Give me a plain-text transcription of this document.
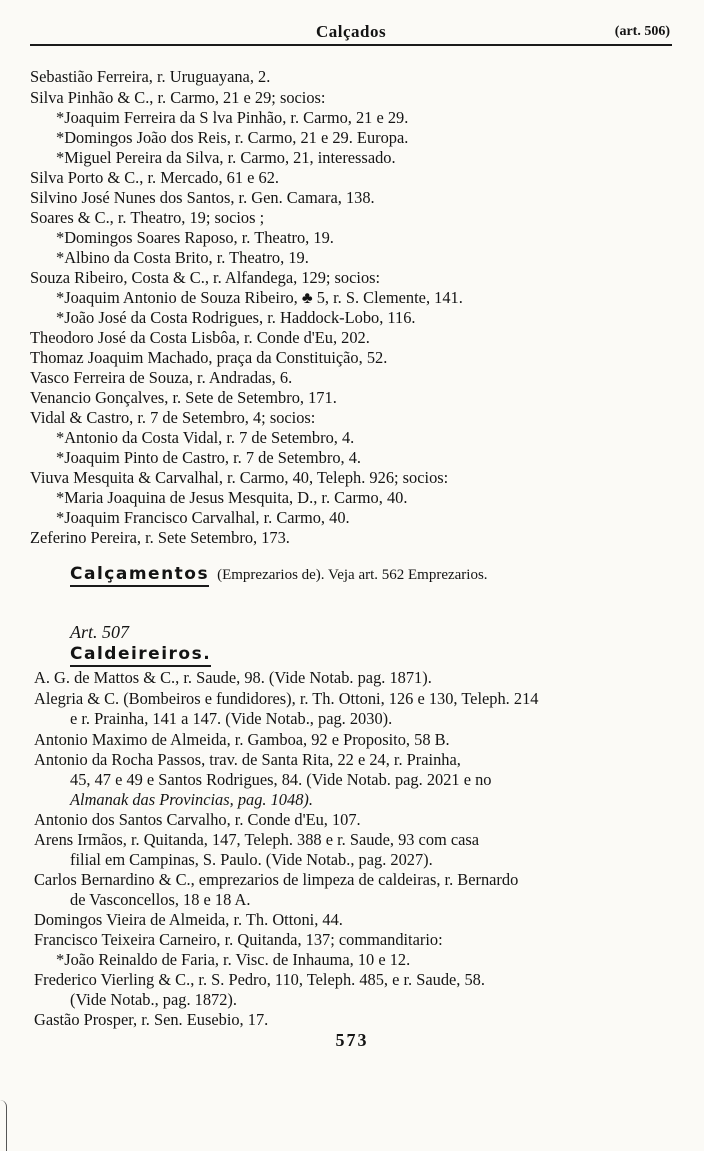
Calçados	(art. 506)
Sebastião Ferreira, r. Uruguayana, 2.
Silva Pinhão & C., r. Carmo, 21 e 29; socios:
*Joaquim Ferreira da S lva Pinhão, r. Carmo, 21 e 29.
*Domingos João dos Reis, r. Carmo, 21 e 29. Europa.
*Miguel Pereira da Silva, r. Carmo, 21, interessado.
Silva Porto & C., r. Mercado, 61 e 62.
Silvino José Nunes dos Santos, r. Gen. Camara, 138.
Soares & C., r. Theatro, 19; socios ;
*Domingos Soares Raposo, r. Theatro, 19.
*Albino da Costa Brito, r. Theatro, 19.
Souza Ribeiro, Costa & C., r. Alfandega, 129; socios:
*Joaquim Antonio de Souza Ribeiro, ♣ 5, r. S. Clemente, 141.
*João José da Costa Rodrigues, r. Haddock-Lobo, 116.
Theodoro José da Costa Lisbôa, r. Conde d'Eu, 202.
Thomaz Joaquim Machado, praça da Constituição, 52.
Vasco Ferreira de Souza, r. Andradas, 6.
Venancio Gonçalves, r. Sete de Setembro, 171.
Vidal & Castro, r. 7 de Setembro, 4; socios:
*Antonio da Costa Vidal, r. 7 de Setembro, 4.
*Joaquim Pinto de Castro, r. 7 de Setembro, 4.
Viuva Mesquita & Carvalhal, r. Carmo, 40, Teleph. 926; socios:
*Maria Joaquina de Jesus Mesquita, D., r. Carmo, 40.
*Joaquim Francisco Carvalhal, r. Carmo, 40.
Zeferino Pereira, r. Sete Setembro, 173.
Calçamentos (Emprezarios de). Veja art. 562 Emprezarios.
Art. 507
Caldeireiros.
A. G. de Mattos & C., r. Saude, 98. (Vide Notab. pag. 1871).
Alegria & C. (Bombeiros e fundidores), r. Th. Ottoni, 126 e 130, Teleph. 214
e r. Prainha, 141 a 147. (Vide Notab., pag. 2030).
Antonio Maximo de Almeida, r. Gamboa, 92 e Proposito, 58 B.
Antonio da Rocha Passos, trav. de Santa Rita, 22 e 24, r. Prainha,
45, 47 e 49 e Santos Rodrigues, 84. (Vide Notab. pag. 2021 e no
Almanak das Provincias, pag. 1048).
Antonio dos Santos Carvalho, r. Conde d'Eu, 107.
Arens Irmãos, r. Quitanda, 147, Teleph. 388 e r. Saude, 93 com casa
filial em Campinas, S. Paulo. (Vide Notab., pag. 2027).
Carlos Bernardino & C., emprezarios de limpeza de caldeiras, r. Bernardo
de Vasconcellos, 18 e 18 A.
Domingos Vieira de Almeida, r. Th. Ottoni, 44.
Francisco Teixeira Carneiro, r. Quitanda, 137; commanditario:
*João Reinaldo de Faria, r. Visc. de Inhauma, 10 e 12.
Frederico Vierling & C., r. S. Pedro, 110, Teleph. 485, e r. Saude, 58.
(Vide Notab., pag. 1872).
Gastão Prosper, r. Sen. Eusebio, 17.
573
